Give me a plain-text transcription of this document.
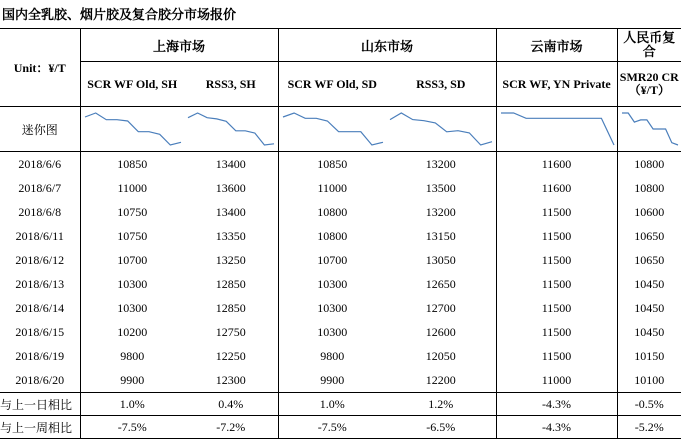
国内全乳胶、烟片胶及复合胶分市场报价
Unit：¥/T	上海市场		山东市场		云南市场	人民币复合
	SCR WF Old, SH	RSS3, SH	SCR WF Old, SD	RSS3, SD	SCR WF, YN Private	SMR20 CR（¥/T）
迷你图	

2018/6/6	10850	13400	10850	13200	11600	10800
2018/6/7	11000	13600	11000	13500	11600	10800
2018/6/8	10750	13400	10800	13200	11500	10600
2018/6/11	10750	13350	10800	13150	11500	10650
2018/6/12	10700	13250	10700	13050	11500	10650
2018/6/13	10300	12850	10300	12650	11500	10450
2018/6/14	10300	12850	10300	12700	11500	10450
2018/6/15	10200	12750	10300	12600	11500	10450
2018/6/19	9800	12250	9800	12050	11500	10150
2018/6/20	9900	12300	9900	12200	11000	10100
与上一日相比	1.0%	0.4%	1.0%	1.2%	-4.3%	-0.5%
与上一周相比	-7.5%	-7.2%	-7.5%	-6.5%	-4.3%	-5.2%
